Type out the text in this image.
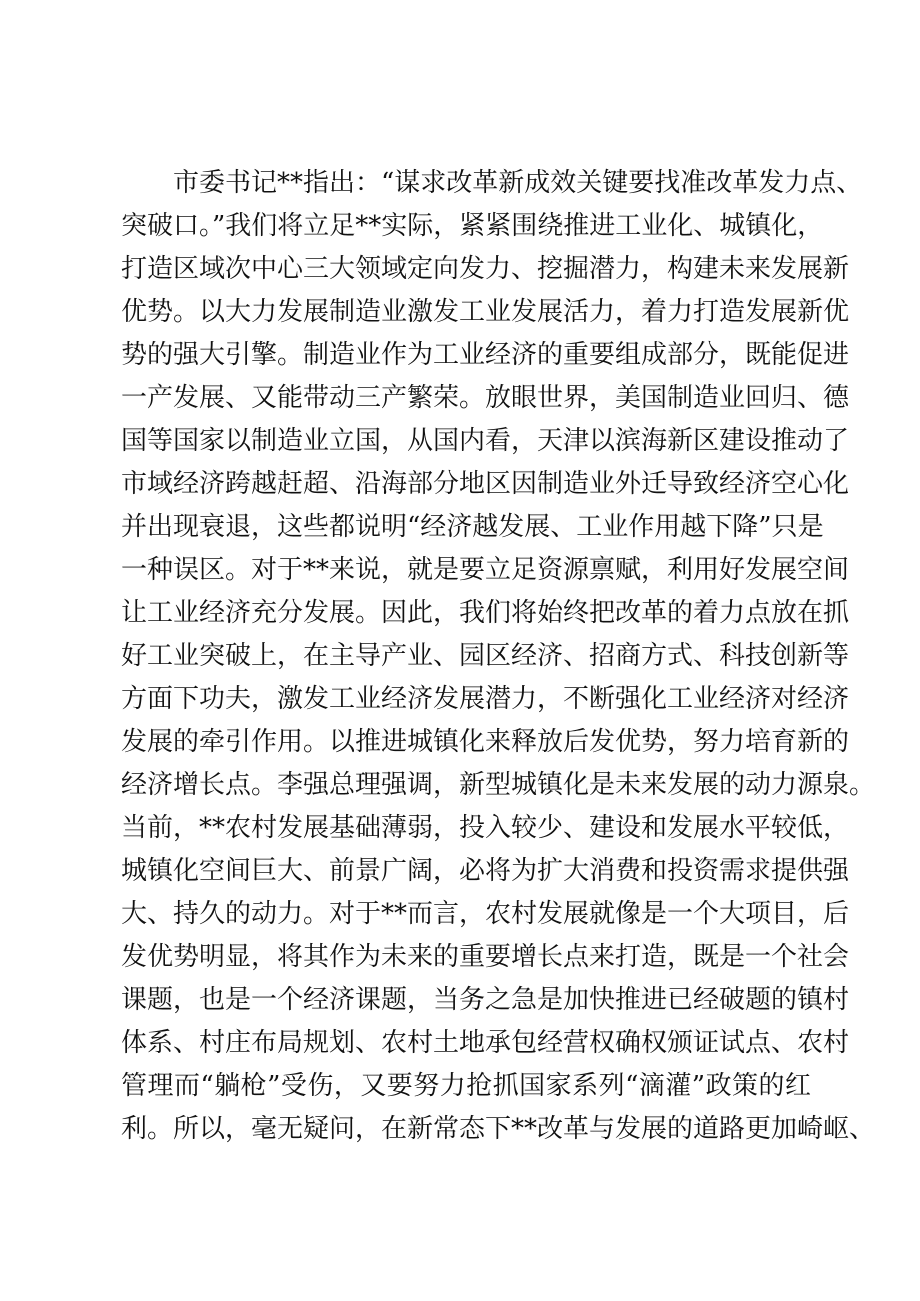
市委书记**指出：“谋求改革新成效关键要找准改革发力点、
突破口。”我们将立足**实际，紧紧围绕推进工业化、城镇化，
打造区域次中心三大领域定向发力、挖掘潜力，构建未来发展新
优势。以大力发展制造业激发工业发展活力，着力打造发展新优
势的强大引擎。制造业作为工业经济的重要组成部分，既能促进
一产发展、又能带动三产繁荣。放眼世界，美国制造业回归、德
国等国家以制造业立国，从国内看，天津以滨海新区建设推动了
市域经济跨越赶超、沿海部分地区因制造业外迁导致经济空心化
并出现衰退，这些都说明“经济越发展、工业作用越下降”只是
一种误区。对于**来说，就是要立足资源禀赋，利用好发展空间
让工业经济充分发展。因此，我们将始终把改革的着力点放在抓
好工业突破上，在主导产业、园区经济、招商方式、科技创新等
方面下功夫，激发工业经济发展潜力，不断强化工业经济对经济
发展的牵引作用。以推进城镇化来释放后发优势，努力培育新的
经济增长点。李强总理强调，新型城镇化是未来发展的动力源泉。
当前，**农村发展基础薄弱，投入较少、建设和发展水平较低，
城镇化空间巨大、前景广阔，必将为扩大消费和投资需求提供强
大、持久的动力。对于**而言，农村发展就像是一个大项目，后
发优势明显，将其作为未来的重要增长点来打造，既是一个社会
课题，也是一个经济课题，当务之急是加快推进已经破题的镇村
体系、村庄布局规划、农村土地承包经营权确权颁证试点、农村
管理而“躺枪”受伤，又要努力抢抓国家系列“滴灌”政策的红
利。所以，毫无疑问，在新常态下**改革与发展的道路更加崎岖、
